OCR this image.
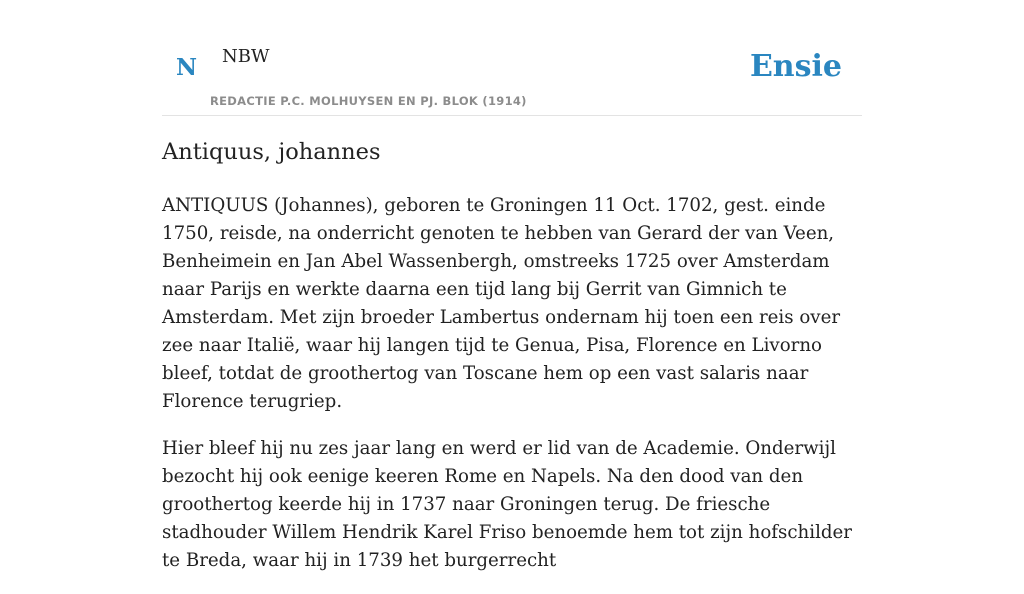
N NBW
REDACTIE P.C. MOLHUYSEN EN PJ. BLOK (1914)
Ensie
Antiquus, johannes

ANTIQUUS (Johannes), geboren te Groningen 11 Oct. 1702, gest. einde 1750, reisde, na onderricht genoten te hebben van Gerard der van Veen, Benheimein en Jan Abel Wassenbergh, omstreeks 1725 over Amsterdam naar Parijs en werkte daarna een tijd lang bij Gerrit van Gimnich te Amsterdam. Met zijn broeder Lambertus ondernam hij toen een reis over zee naar Italië, waar hij langen tijd te Genua, Pisa, Florence en Livorno bleef, totdat de groothertog van Toscane hem op een vast salaris naar Florence terugriep.

Hier bleef hij nu zes jaar lang en werd er lid van de Academie. Onderwijl bezocht hij ook eenige keeren Rome en Napels. Na den dood van den groothertog keerde hij in 1737 naar Groningen terug. De friesche stadhouder Willem Hendrik Karel Friso benoemde hem tot zijn hofschilder te Breda, waar hij in 1739 het burgerrecht
